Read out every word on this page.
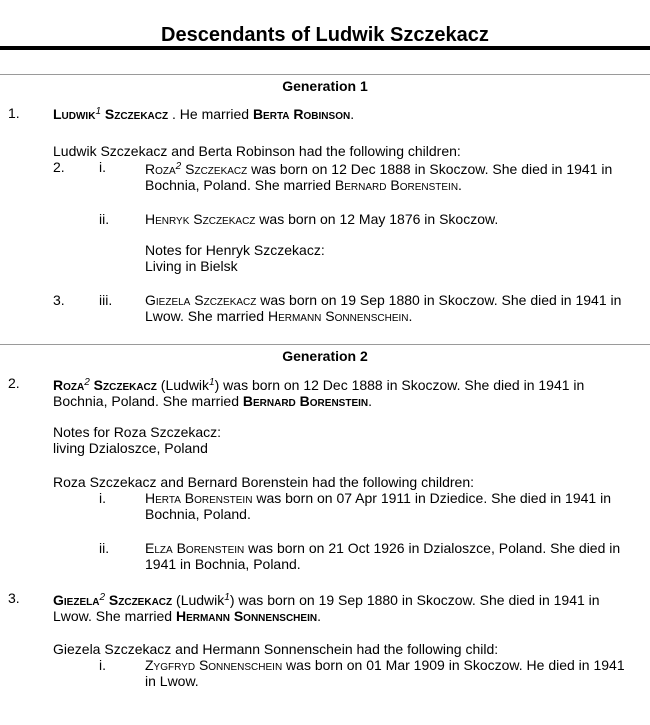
Descendants of Ludwik Szczekacz
Generation 1
1. Ludwik$^1$ Szczekacz . He married Berta Robinson.
Ludwik Szczekacz and Berta Robinson had the following children:
2. i.	Roza$^2$ Szczekacz was born on 12 Dec 1888 in Skoczow. She died in 1941 in
Bochnia, Poland. She married Bernard Borenstein.
ii.	Henryk Szczekacz was born on 12 May 1876 in Skoczow.
Notes for Henryk Szczekacz:
Living in Bielsk
3. iii. Giezela Szczekacz was born on 19 Sep 1880 in Skoczow. She died in 1941 in
Lwow. She married Hermann Sonnenschein.
Generation 2
2. Roza$^2$ Szczekacz (Ludwik$^1$) was born on 12 Dec 1888 in Skoczow. She died in 1941 in
Bochnia, Poland. She married Bernard Borenstein.
Notes for Roza Szczekacz:
living Dzialoszce, Poland
Roza Szczekacz and Bernard Borenstein had the following children:
i.	Herta Borenstein was born on 07 Apr 1911 in Dziedice. She died in 1941 in
Bochnia, Poland.
ii.	Elza Borenstein was born on 21 Oct 1926 in Dzialoszce, Poland. She died in
1941 in Bochnia, Poland.
3. Giezela$^2$ Szczekacz (Ludwik$^1$) was born on 19 Sep 1880 in Skoczow. She died in 1941 in
Lwow. She married Hermann Sonnenschein.
Giezela Szczekacz and Hermann Sonnenschein had the following child:
i.	Zygfryd Sonnenschein was born on 01 Mar 1909 in Skoczow. He died in 1941
in Lwow.
